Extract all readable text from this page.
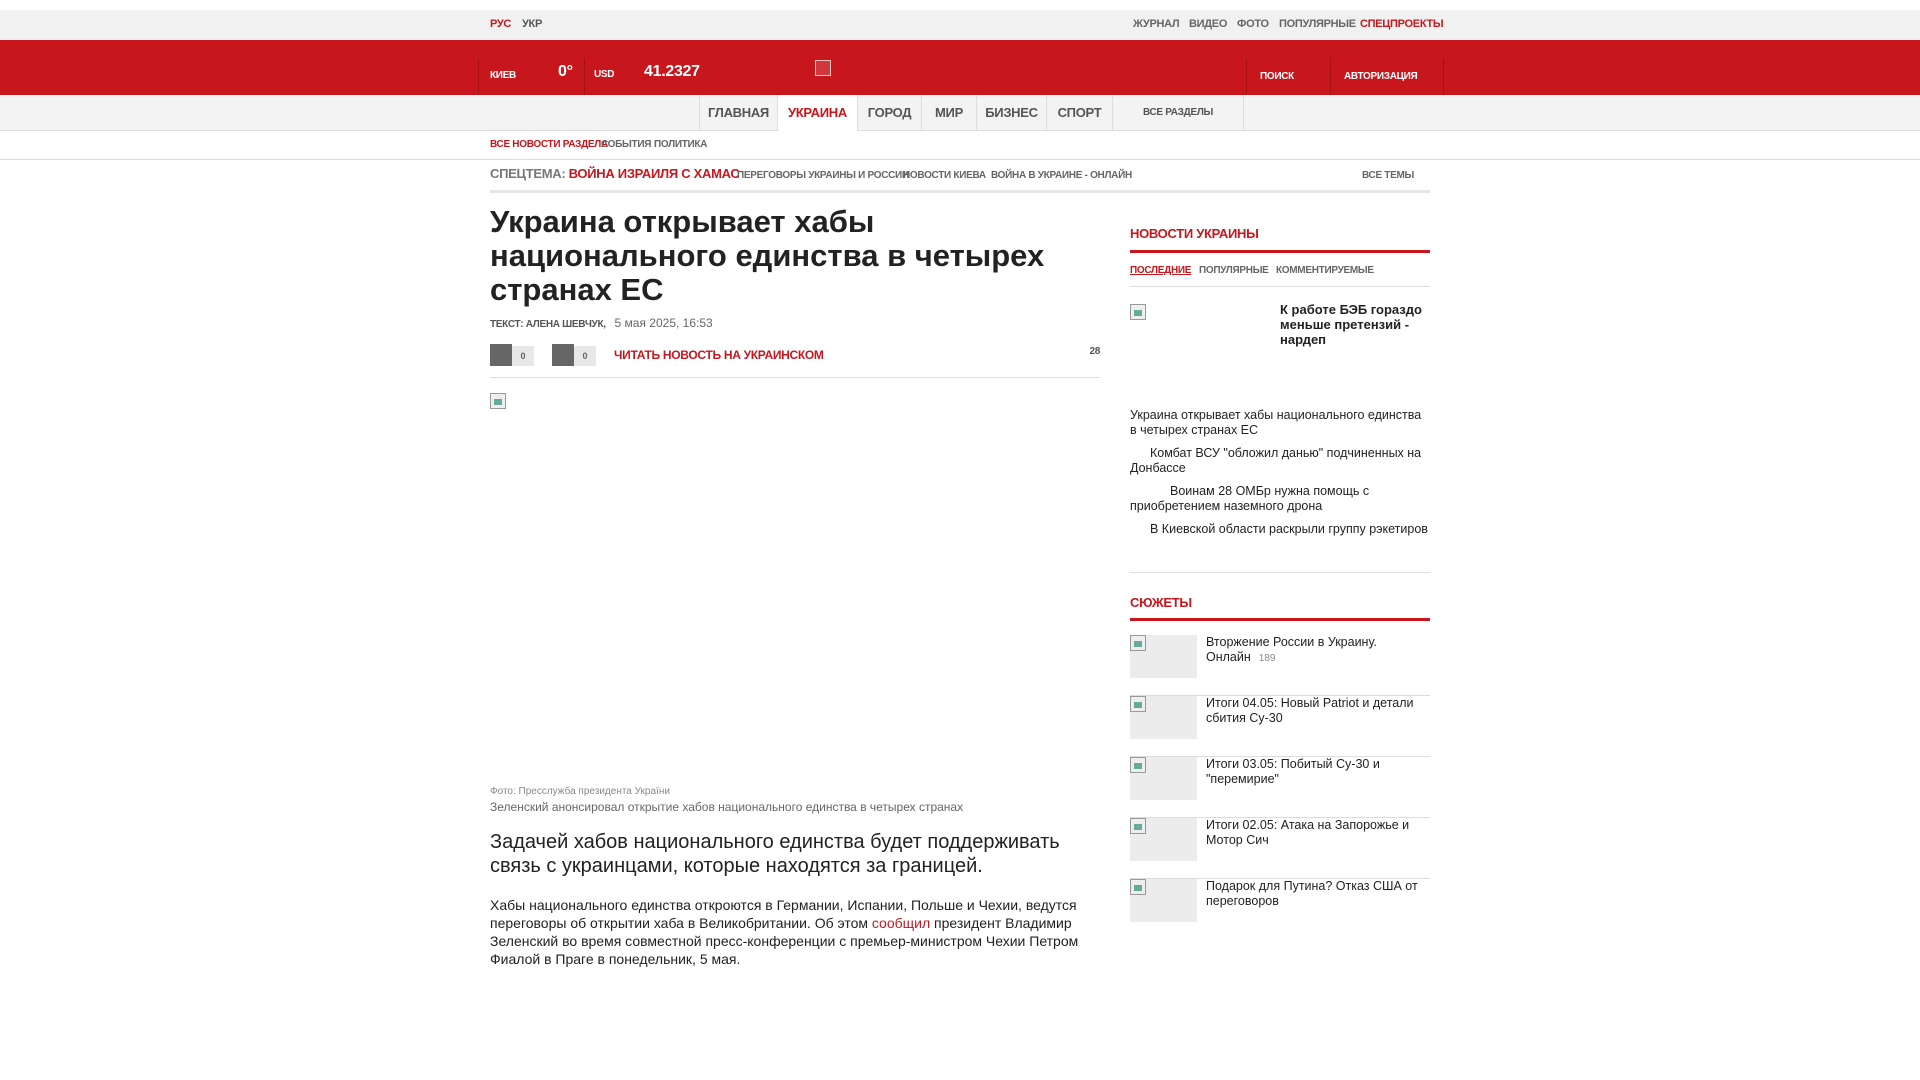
РУС УКР	ЖУРНАЛ ВИДЕО ФОТО ПОПУЛЯРНЫЕ СПЕЦПРОЕКТЫ
КИЕВ	0° USD 41.2327	ПОИСК	АВТОРИЗАЦИЯ
ГЛАВНАЯ	УКРАИНА	ГОРОД	МИР	БИЗНЕС	СПОРТ	ВСЕ РАЗДЕЛЫ
ВСЕ НОВОСТИ РАЗДЕЛА
СОБЫТИЯ ПОЛИТИКА
СПЕЦТЕМА: ВОЙНА ИЗРАИЛЯ С ХАМАС
ПЕРЕГОВОРЫ УКРАИНЫ И РОССИИ
НОВОСТИ КИЕВА ВОЙНА В УКРАИНЕ - ОНЛАЙН	ВСЕ ТЕМЫ
Украина открывает хабы национального единства в четырех странах ЕС
ТЕКСТ: АЛЕНА ШЕВЧУК, 5 мая 2025, 16:53
0	0	ЧИТАТЬ НОВОСТЬ НА УКРАИНСКОМ	28
Фото: Пресслужба президента України
Зеленский анонсировал открытие хабов национального единства в четырех странах

Задачей хабов национального единства будет поддерживать связь с украинцами, которые находятся за границей.

Хабы национального единства откроются в Германии, Испании, Польше и Чехии, ведутся переговоры об открытии хаба в Великобритании. Об этом сообщил президент Владимир Зеленский во время совместной пресс-конференции с премьер-министром Чехии Петром Фиалой в Праге в понедельник, 5 мая.

НОВОСТИ УКРАИНЫ
ПОСЛЕДНИЕ ПОПУЛЯРНЫЕ КОММЕНТИРУЕМЫЕ
К работе БЭБ гораздо меньше претензий - нардеп
Украина открывает хабы национального единства в четырех странах ЕС
Комбат ВСУ "обложил данью" подчиненных на Донбассе
Воинам 28 ОМБр нужна помощь с приобретением наземного дрона
В Киевской области раскрыли группу рэкетиров
СЮЖЕТЫ
Вторжение России в Украину. Онлайн 189
Итоги 04.05: Новый Patriot и детали сбития Су-30
Итоги 03.05: Побитый Су-30 и "перемирие"
Итоги 02.05: Атака на Запорожье и Мотор Сич
Подарок для Путина? Отказ США от переговоров
